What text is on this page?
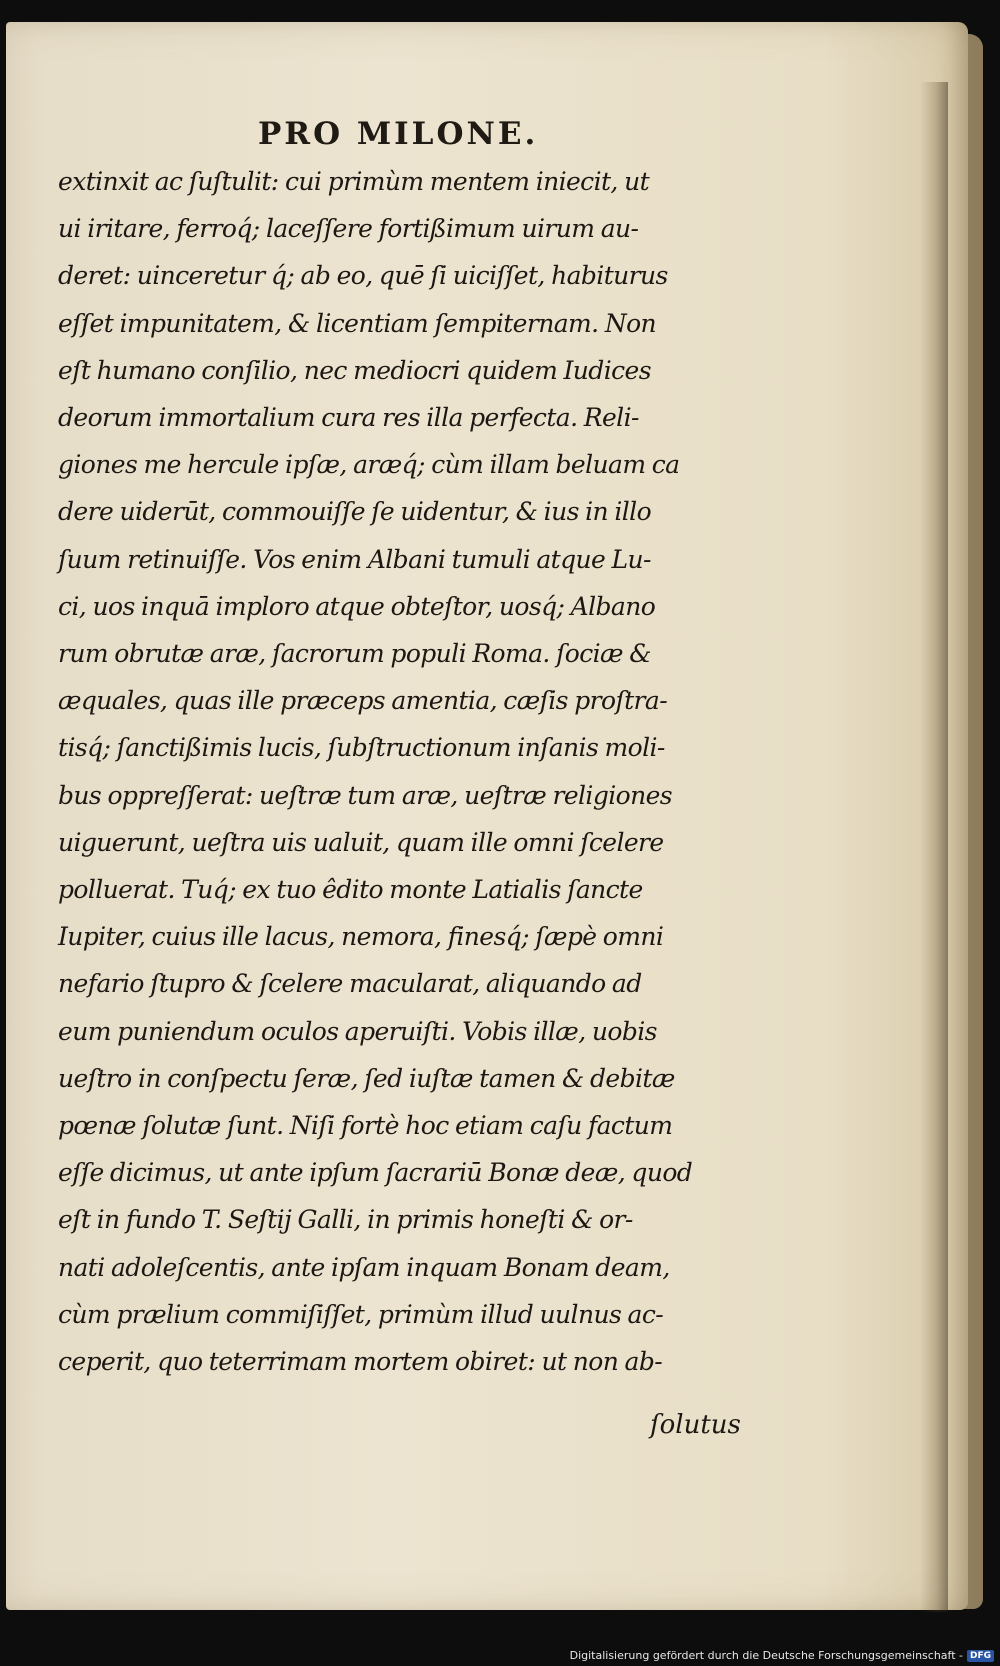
PRO MILONE.
extinxit ac ſuſtulit: cui primùm mentem iniecit, ut
ui iritare, ferroq́; laceſſere fortißimum uirum au-
deret: uinceretur q́; ab eo, quē ſi uiciſſet, habiturus
eſſet impunitatem, & licentiam ſempiternam. Non
eſt humano conſilio, nec mediocri quidem Iudices
deorum immortalium cura res illa perfecta. Reli-
giones me hercule ipſæ, aræq́; cùm illam beluam ca
dere uiderūt, commouiſſe ſe uidentur, & ius in illo
ſuum retinuiſſe. Vos enim Albani tumuli atque Lu-
ci, uos inquā imploro atque obteſtor, uosq́; Albano
rum obrutæ aræ, ſacrorum populi Roma. ſociæ &
æquales, quas ille præceps amentia, cæſis proſtra-
tisq́; ſanctißimis lucis, ſubſtructionum inſanis moli-
bus oppreſſerat: ueſtræ tum aræ, ueſtræ religiones
uiguerunt, ueſtra uis ualuit, quam ille omni ſcelere
polluerat. Tuq́; ex tuo êdito monte Latialis ſancte
Iupiter, cuius ille lacus, nemora, finesq́; ſæpè omni
nefario ſtupro & ſcelere macularat, aliquando ad
eum puniendum oculos aperuiſti. Vobis illæ, uobis
ueſtro in conſpectu ſeræ, ſed iuſtæ tamen & debitæ
pœnæ ſolutæ ſunt. Niſi fortè hoc etiam caſu factum
eſſe dicimus, ut ante ipſum ſacrariū Bonæ deæ, quod
eſt in fundo T. Seſtij Galli, in primis honeſti & or-
nati adoleſcentis, ante ipſam inquam Bonam deam,
cùm prælium commiſiſſet, primùm illud uulnus ac-
ceperit, quo teterrimam mortem obiret: ut non ab-
ſolutus
Digitalisierung gefördert durch die Deutsche Forschungsgemeinschaft - DFG
